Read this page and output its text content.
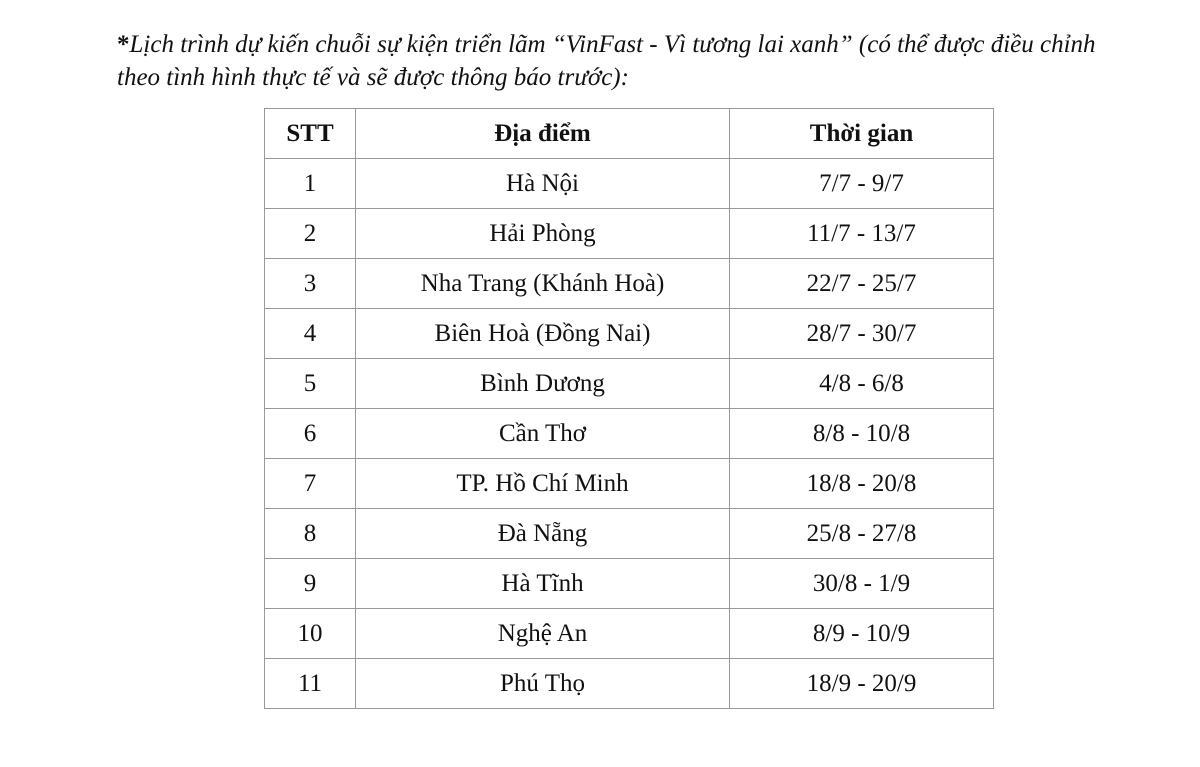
*Lịch trình dự kiến chuỗi sự kiện triển lãm “VinFast - Vì tương lai xanh” (có thể được điều chỉnh theo tình hình thực tế và sẽ được thông báo trước):

STT	Địa điểm	Thời gian
1	Hà Nội	7/7 - 9/7
2	Hải Phòng	11/7 - 13/7
3	Nha Trang (Khánh Hoà)	22/7 - 25/7
4	Biên Hoà (Đồng Nai)	28/7 - 30/7
5	Bình Dương	4/8 - 6/8
6	Cần Thơ	8/8 - 10/8
7	TP. Hồ Chí Minh	18/8 - 20/8
8	Đà Nẵng	25/8 - 27/8
9	Hà Tĩnh	30/8 - 1/9
10	Nghệ An	8/9 - 10/9
11	Phú Thọ	18/9 - 20/9
